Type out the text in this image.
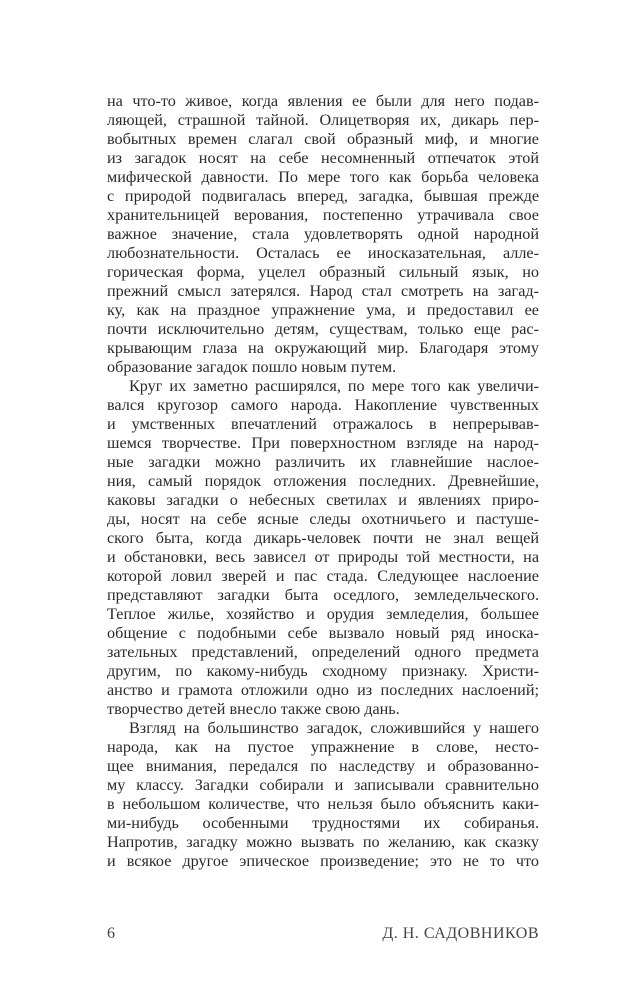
на что-то живое, когда явления ее были для него подав-
ляющей, страшной тайной. Олицетворяя их, дикарь пер-
вобытных времен слагал свой образный миф, и многие
из загадок носят на себе несомненный отпечаток этой
мифической давности. По мере того как борьба человека
с природой подвигалась вперед, загадка, бывшая прежде
хранительницей верования, постепенно утрачивала свое
важное значение, стала удовлетворять одной народной
любознательности. Осталась ее иносказательная, алле-
горическая форма, уцелел образный сильный язык, но
прежний смысл затерялся. Народ стал смотреть на загад-
ку, как на праздное упражнение ума, и предоставил ее
почти исключительно детям, существам, только еще рас-
крывающим глаза на окружающий мир. Благодаря этому
образование загадок пошло новым путем.
Круг их заметно расширялся, по мере того как увеличи-
вался кругозор самого народа. Накопление чувственных
и умственных впечатлений отражалось в непрерывав-
шемся творчестве. При поверхностном взгляде на народ-
ные загадки можно различить их главнейшие наслое-
ния, самый порядок отложения последних. Древнейшие,
каковы загадки о небесных светилах и явлениях приро-
ды, носят на себе ясные следы охотничьего и пастуше-
ского быта, когда дикарь-человек почти не знал вещей
и обстановки, весь зависел от природы той местности, на
которой ловил зверей и пас стада. Следующее наслоение
представляют загадки быта оседлого, земледельческого.
Теплое жилье, хозяйство и орудия земледелия, большее
общение с подобными себе вызвало новый ряд иноска-
зательных представлений, определений одного предмета
другим, по какому-нибудь сходному признаку. Христи-
анство и грамота отложили одно из последних наслоений;
творчество детей внесло также свою дань.
Взгляд на большинство загадок, сложившийся у нашего
народа, как на пустое упражнение в слове, несто-
щее внимания, передался по наследству и образованно-
му классу. Загадки собирали и записывали сравнительно
в небольшом количестве, что нельзя было объяснить каки-
ми-нибудь особенными трудностями их собиранья.
Напротив, загадку можно вызвать по желанию, как сказку
и всякое другое эпическое произведение; это не то что
6	Д. Н. САДОВНИКОВ
